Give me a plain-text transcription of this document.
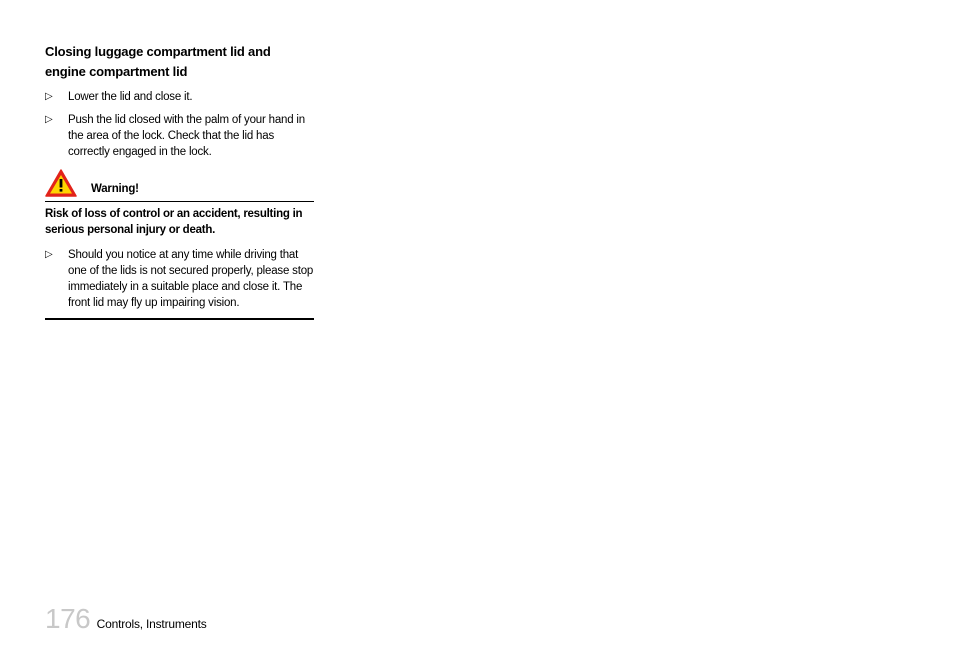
Closing luggage compartment lid and engine compartment lid
▷ Lower the lid and close it.
▷ Push the lid closed with the palm of your hand in the area of the lock. Check that the lid has correctly engaged in the lock.
Warning!
Risk of loss of control or an accident, resulting in serious personal injury or death.
▷ Should you notice at any time while driving that one of the lids is not secured properly, please stop immediately in a suitable place and close it. The front lid may fly up impairing vision.
176 Controls, Instruments
